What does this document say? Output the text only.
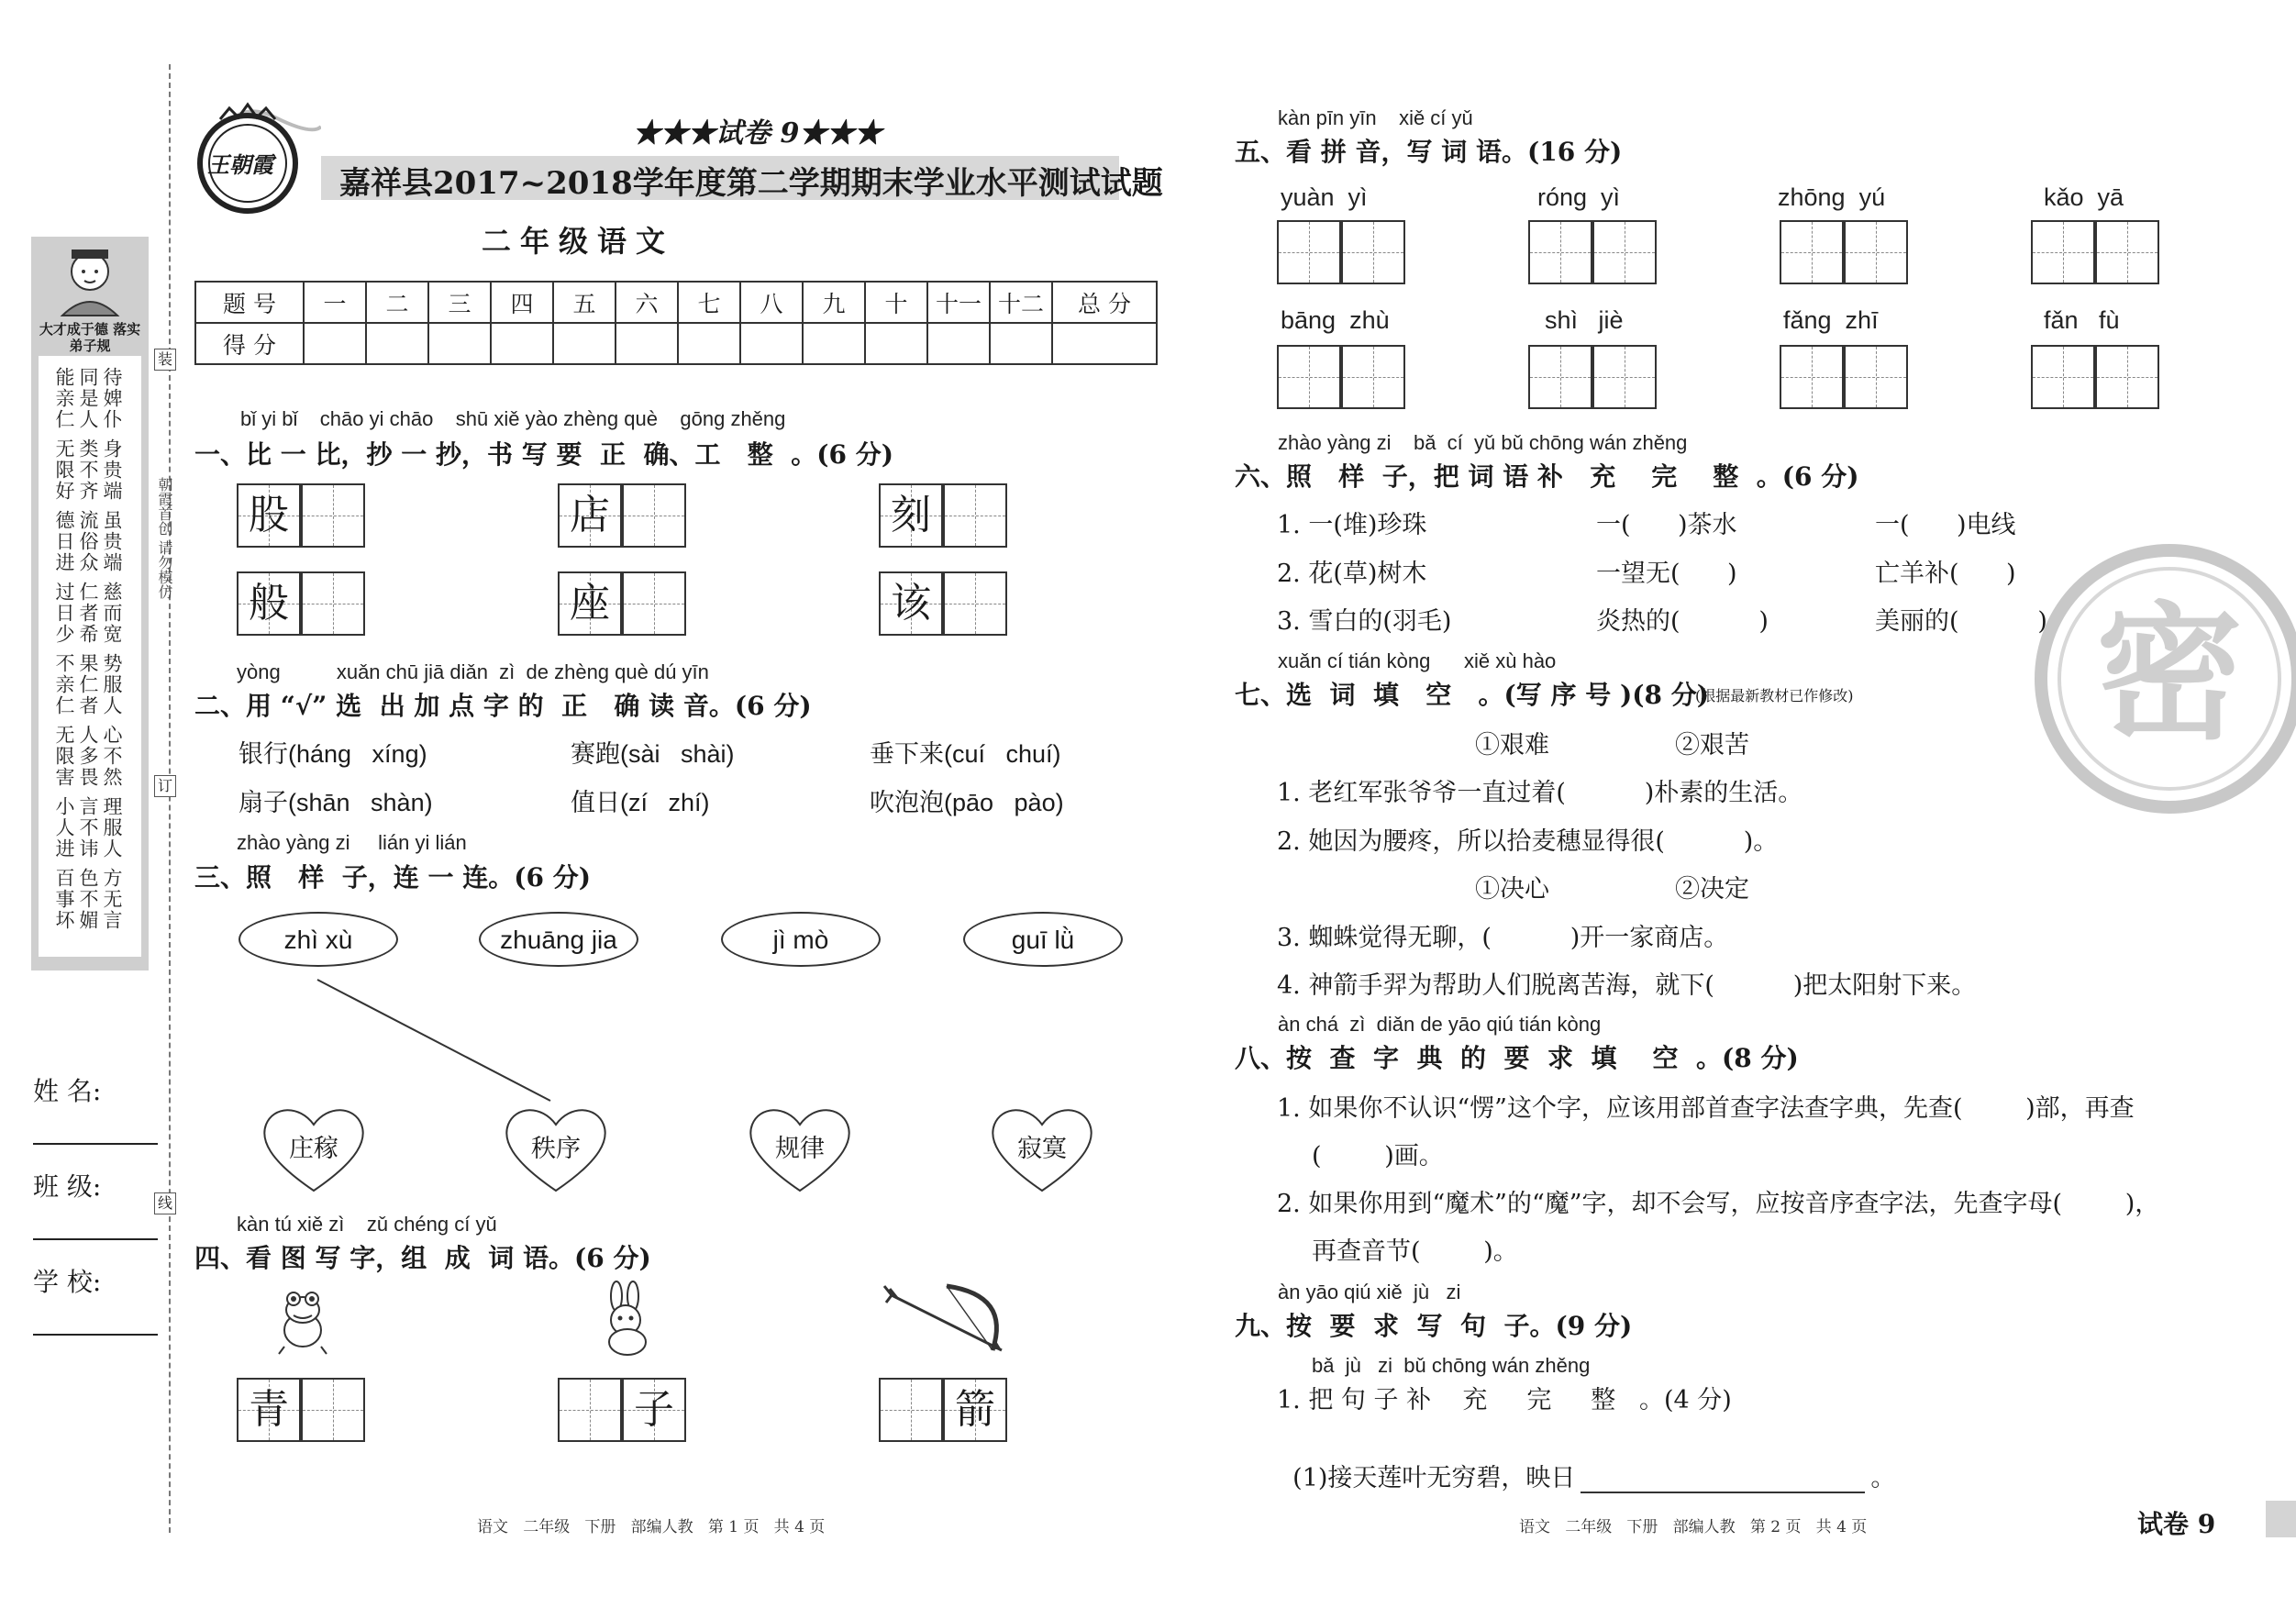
大才成于德 落实弟子规
能亲仁 同是人 待婢仆
无限好 类不齐 身贵端
德日进 流俗众 虽贵端
过日少 仁者希 慈而宽
不亲仁 果仁者 势服人
无限害 人多畏 心不然
小人进 言不讳 理服人
百事坏 色不媚 方无言
姓 名:
班 级:
学 校:
装
朝霞首创 请勿模仿
订
线
王朝霞
★★★试卷 9★★★
嘉祥县2017~2018学年度第二学期期末学业水平测试试题
二年级语文
题 号	一	二	三	四	五	六	七	八	九	十	十一	十二	总 分
得 分													
bǐ yi bǐ    chāo yi chāo    shū xiě yào zhèng què    gōng zhěng
一、比 一 比，抄 一 抄，书 写 要  正  确、工   整  。(6 分)
股	店	刻
般	座	该
yòng          xuǎn chū jiā diǎn  zì  de zhèng què dú yīn
二、用 “√” 选  出 加 点 字 的  正   确 读 音。(6 分)
银行(háng   xíng)	赛跑(sài   shài)	垂下来(cuí   chuí)
扇子(shān   shàn)	值日(zí   zhí)	吹泡泡(pāo   pào)
zhào yàng zi     lián yi lián
三、照   样  子，连 一 连。(6 分)
zhì xù	zhuāng jia	jì mò	guī lǜ
庄稼	秩序	规律	寂寞
kàn tú xiě zì    zǔ chéng cí yǔ
四、看 图 写 字，组  成  词 语。(6 分)
青	子	箭
语文   二年级   下册   部编人教   第 1 页   共 4 页
kàn pīn yīn    xiě cí yǔ
五、看 拼 音，写 词 语。(16 分)
yuàn  yì	róng  yì	zhōng  yú	kǎo  yā
bāng  zhù	shì   jiè	fǎng  zhī	fǎn   fù
zhào yàng zi    bǎ  cí  yǔ bǔ chōng wán zhěng
六、照   样  子，把 词 语 补   充    完    整  。(6 分)
1. 一(堆)珍珠	一(      )茶水	一(      )电线
2. 花(草)树木	一望无(      )	亡羊补(      )
3. 雪白的(羽毛)	炎热的(          )	美丽的(          )
xuǎn cí tián kòng      xiě xù hào
七、选  词  填   空   。(写 序 号 )(8 分)
(根据最新教材已作修改)
①艰难	②艰苦
1. 老红军张爷爷一直过着(          )朴素的生活。
2. 她因为腰疼，所以拾麦穗显得很(          )。
①决心	②决定
3. 蜘蛛觉得无聊，(          )开一家商店。
4. 神箭手羿为帮助人们脱离苦海，就下(          )把太阳射下来。
àn chá  zì  diǎn de yāo qiú tián kòng
八、按  查  字  典  的  要  求  填    空  。(8 分)
1. 如果你不认识“愣”这个字，应该用部首查字法查字典，先查(        )部，再查
(        )画。
2. 如果你用到“魔术”的“魔”字，却不会写，应按音序查字法，先查字母(        )，
再查音节(        )。
àn yāo qiú xiě  jù   zi
九、按  要  求  写  句  子。(9 分)
bǎ  jù   zi  bǔ chōng wán zhěng
1. 把 句 子 补    充     完     整   。(4 分)

(1)接天莲叶无穷碧，映日	。

密
语文   二年级   下册   部编人教   第 2 页   共 4 页	试卷 9
